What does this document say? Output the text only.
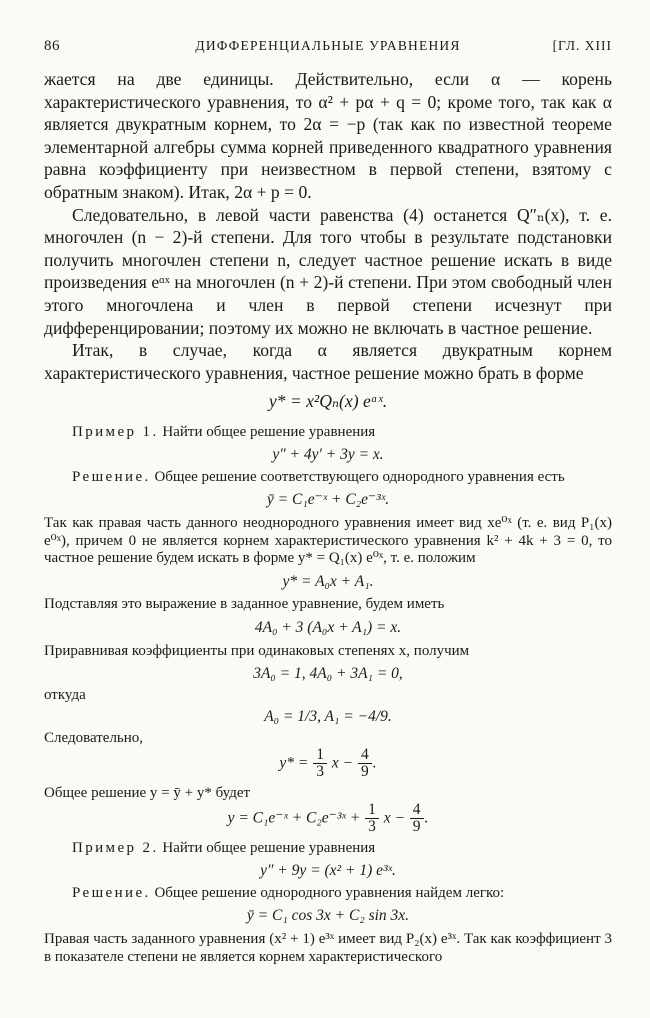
86	ДИФФЕРЕНЦИАЛЬНЫЕ УРАВНЕНИЯ	[ГЛ. XIII

жается на две единицы. Действительно, если α — корень характеристического уравнения, то α² + pα + q = 0; кроме того, так как α является двукратным корнем, то 2α = −p (так как по известной теореме элементарной алгебры сумма корней приведенного квадратного уравнения равна коэффициенту при неизвестном в первой степени, взятому с обратным знаком). Итак, 2α + p = 0.

Следовательно, в левой части равенства (4) останется Q″ₙ(x), т. е. многочлен (n − 2)-й степени. Для того чтобы в результате подстановки получить многочлен степени n, следует частное решение искать в виде произведения eᵅˣ на многочлен (n + 2)-й степени. При этом свободный член этого многочлена и член в первой степени исчезнут при дифференцировании; поэтому их можно не включать в частное решение.

Итак, в случае, когда α является двукратным корнем характеристического уравнения, частное решение можно брать в форме

y* = x²Qₙ(x) eᵅˣ.

Пример 1. Найти общее решение уравнения

y″ + 4y′ + 3y = x.

Решение. Общее решение соответствующего однородного уравнения есть

ȳ = C₁e⁻ˣ + C₂e⁻³ˣ.

Так как правая часть данного неоднородного уравнения имеет вид xe⁰ˣ (т. е. вид P₁(x) e⁰ˣ), причем 0 не является корнем характеристического уравнения k² + 4k + 3 = 0, то частное решение будем искать в форме y* = Q₁(x) e⁰ˣ, т. е. положим

y* = A₀x + A₁.

Подставляя это выражение в заданное уравнение, будем иметь

4A₀ + 3 (A₀x + A₁) = x.

Приравнивая коэффициенты при одинаковых степенях x, получим

3A₀ = 1, 4A₀ + 3A₁ = 0,

откуда

A₀ = 1/3, A₁ = −4/9.

Следовательно,

$y* = \frac{1}{3}$ $x - \frac{4}{9}$ .

Общее решение y = ȳ + y* будет

y = C₁e⁻ˣ + C₂e⁻³ˣ + $\frac{1}{3}$ $x - \frac{4}{9}$ .

Пример 2. Найти общее решение уравнения

y″ + 9y = (x² + 1) e³ˣ.

Решение. Общее решение однородного уравнения найдем легко:

ȳ = C₁ cos 3x + C₂ sin 3x.

Правая часть заданного уравнения (x² + 1) e³ˣ имеет вид P₂(x) e³ˣ. Так как коэффициент 3 в показателе степени не является корнем характеристического
